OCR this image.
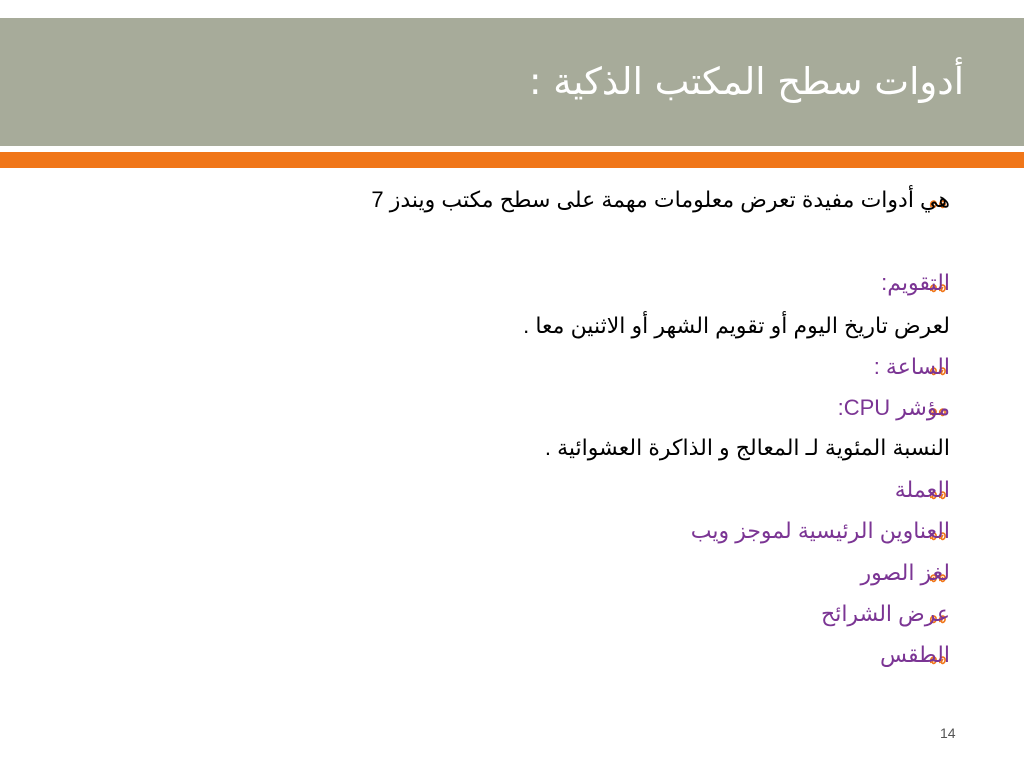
أدوات سطح المكتب الذكية :
هي أدوات مفيدة تعرض معلومات مهمة على سطح مكتب ويندز 7
التقويم:
لعرض تاريخ اليوم أو تقويم الشهر أو الاثنين معا .
الساعة :
مؤشر CPU:
النسبة المئوية لـ المعالج و الذاكرة العشوائية .
العملة
العناوين الرئيسية لموجز ويب
لغز الصور
عرض الشرائح
الطقس
14
